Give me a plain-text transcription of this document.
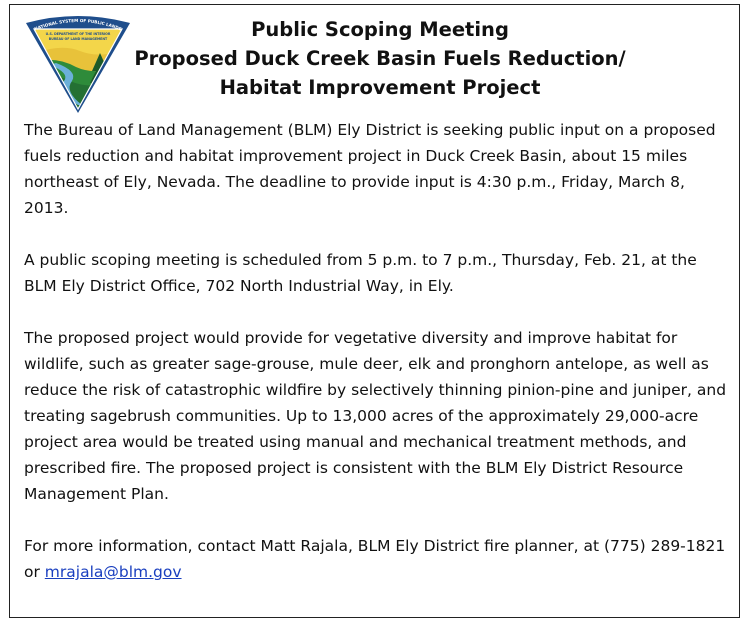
NATIONAL SYSTEM OF PUBLIC LANDS
U.S. DEPARTMENT OF THE INTERIOR
BUREAU OF LAND MANAGEMENT	Public Scoping Meeting
Proposed Duck Creek Basin Fuels Reduction/
Habitat Improvement Project

The Bureau of Land Management (BLM) Ely District is seeking public input on a proposed fuels reduction and habitat improvement project in Duck Creek Basin, about 15 miles northeast of Ely, Nevada. The deadline to provide input is 4:30 p.m., Friday, March 8, 2013.

A public scoping meeting is scheduled from 5 p.m. to 7 p.m., Thursday, Feb. 21, at the BLM Ely District Office, 702 North Industrial Way, in Ely.

The proposed project would provide for vegetative diversity and improve habitat for wildlife, such as greater sage-grouse, mule deer, elk and pronghorn antelope, as well as reduce the risk of catastrophic wildfire by selectively thinning pinion-pine and juniper, and treating sagebrush communities. Up to 13,000 acres of the approximately 29,000-acre project area would be treated using manual and mechanical treatment methods, and prescribed fire. The proposed project is consistent with the BLM Ely District Resource Management Plan.

For more information, contact Matt Rajala, BLM Ely District fire planner, at (775) 289-1821 or mrajala@blm.gov
